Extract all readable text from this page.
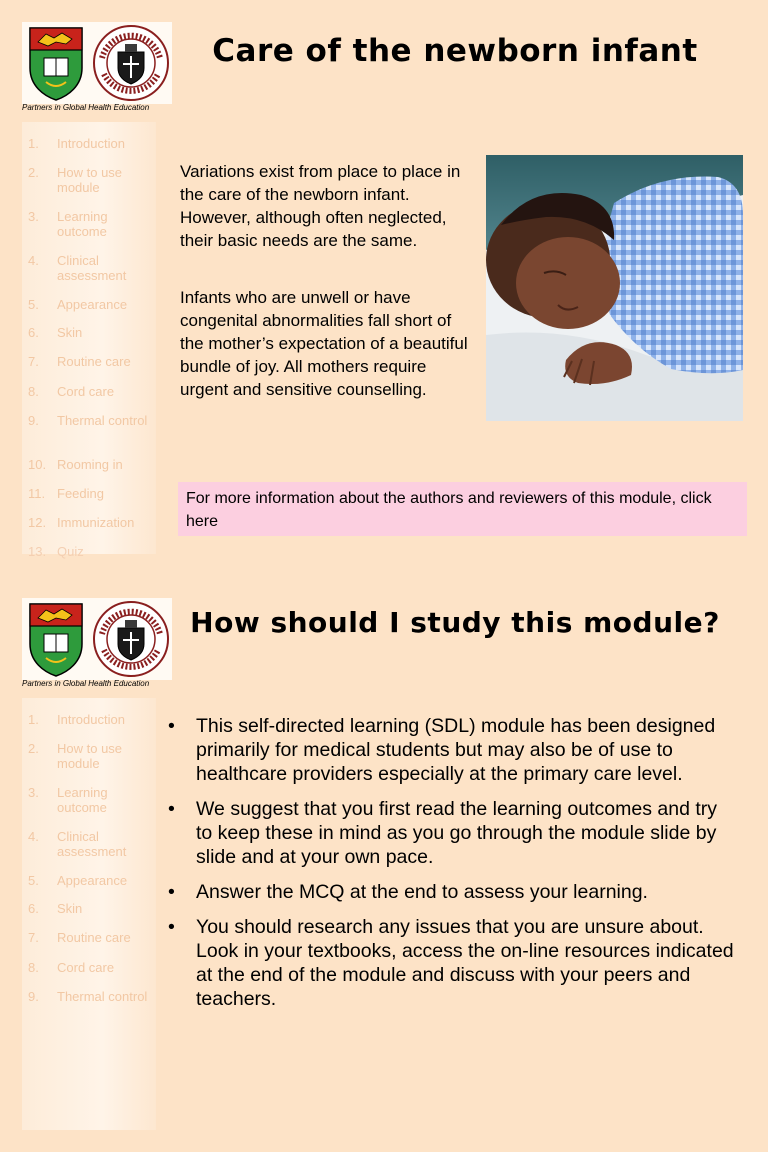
Partners in Global Health Education
1. Introduction
2. How to use module
3. Learning outcome
4. Clinical assessment
5. Appearance
6. Skin
7. Routine care
8. Cord care
9. Thermal control
10. Rooming in
11. Feeding
12. Immunization
13. Quiz
Care of the newborn infant
Variations exist from place to place in the care of the newborn infant. However, although often neglected, their basic needs are the same.
Infants who are unwell or have congenital abnormalities fall short of the mother’s expectation of a beautiful bundle of joy. All mothers require urgent and sensitive counselling.
For more information about the authors and reviewers of this module, click here
Partners in Global Health Education
1. Introduction
2. How to use module
3. Learning outcome
4. Clinical assessment
5. Appearance
6. Skin
7. Routine care
8. Cord care
9. Thermal control
How should I study this module?
• This self-directed learning (SDL) module has been designed primarily for medical students but may also be of use to healthcare providers especially at the primary care level.
• We suggest that you first read the learning outcomes and try to keep these in mind as you go through the module slide by slide and at your own pace.
• Answer the MCQ at the end to assess your learning.
• You should research any issues that you are unsure about. Look in your textbooks, access the on-line resources indicated at the end of the module and discuss with your peers and teachers.
